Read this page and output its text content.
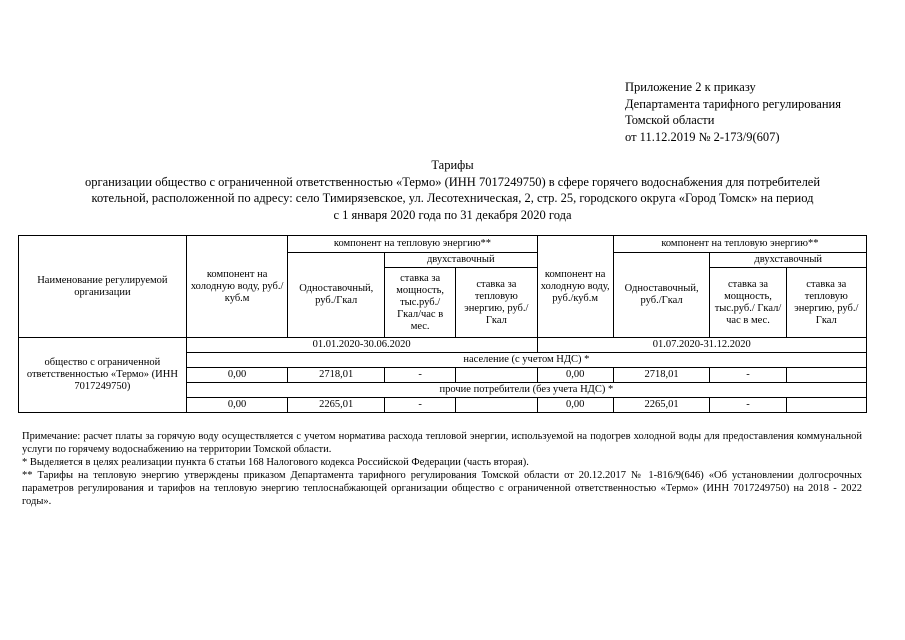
Приложение 2 к приказу
Департамента тарифного регулирования
Томской области
от 11.12.2019 № 2-173/9(607)
Тарифы
организации общество с ограниченной ответственностью «Термо» (ИНН 7017249750) в сфере горячего водоснабжения для потребителей
котельной, расположенной по адресу: село Тимирязевское, ул. Лесотехническая, 2, стр. 25, городского округа «Город Томск» на период
с 1 января 2020 года по 31 декабря 2020 года
Наименование регулируемой организации	компонент на холодную воду, руб./куб.м	компонент на тепловую энергию**			компонент на холодную воду, руб./куб.м	компонент на тепловую энергию**		
		Одноставочный, руб./Гкал	двухставочный			Одноставочный, руб./Гкал	двухставочный	
			ставка за мощность, тыс.руб./ Гкал/час в мес.	ставка за тепловую энергию, руб./Гкал			ставка за мощность, тыс.руб./ Гкал/час в мес.	ставка за тепловую энергию, руб./Гкал
общество с ограниченной ответственностью «Термо» (ИНН 7017249750)	01.01.2020-30.06.2020				01.07.2020-31.12.2020			
	население (с учетом НДС) *							
	0,00	2718,01	-		0,00	2718,01	-	
	прочие потребители (без учета НДС) *							
	0,00	2265,01	-		0,00	2265,01	-	

Примечание: расчет платы за горячую воду осуществляется с учетом норматива расхода тепловой энергии, используемой на подогрев холодной воды для предоставления коммунальной услуги по горячему водоснабжению на территории Томской области.

* Выделяется в целях реализации пункта 6 статьи 168 Налогового кодекса Российской Федерации (часть вторая).

** Тарифы на тепловую энергию утверждены приказом Департамента тарифного регулирования Томской области от 20.12.2017 № 1-816/9(646) «Об установлении долгосрочных параметров регулирования и тарифов на тепловую энергию теплоснабжающей организации общество с ограниченной ответственностью «Термо» (ИНН 7017249750) на 2018 - 2022 годы».
